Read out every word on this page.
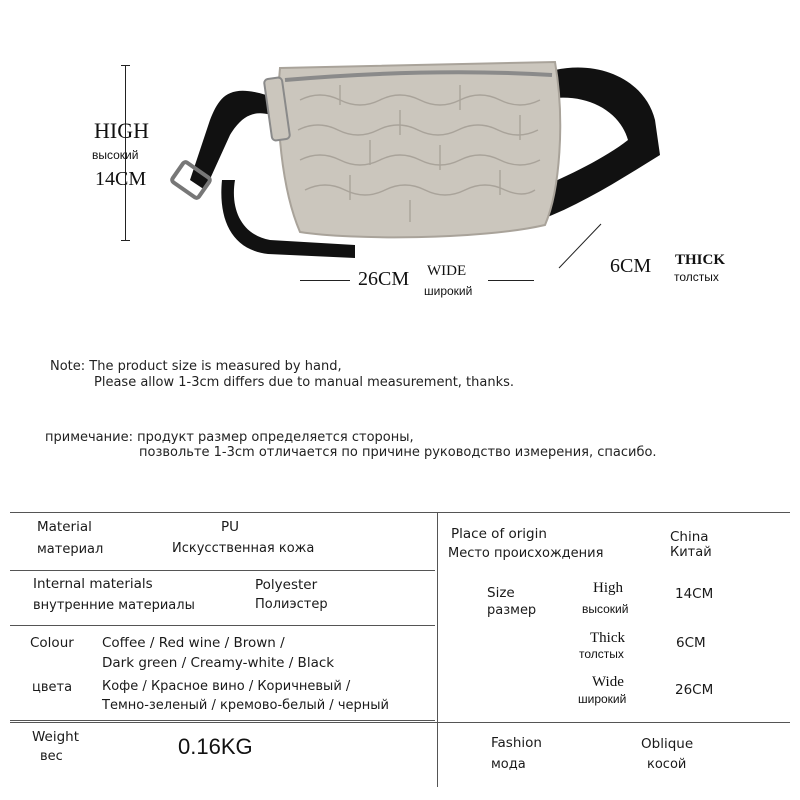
HIGH
высокий
14CM
26CM WIDE
широкий
6CM THICK
толстых
Note: The product size is measured by hand,
Please allow 1-3cm differs due to manual measurement, thanks.
примечание: продукт размер определяется стороны,
позвольте 1-3cm отличается по причине руководство измерения, спасибо.
Material
материал
PU
Искусственная кожа
Internal materials
внутренние материалы
Polyester
Полиэстер
Colour
цвета
Coffee / Red wine / Brown /
Dark green / Creamy-white / Black
Кофе / Красное вино / Коричневый /
Темно-зеленый / кремово-белый / черный
Weight
вес	0.16KG
Place of origin
Место происхождения
China
Китай
Size
размер
High
высокий
14CM
Thick
толстых
6CM
Wide
широкий
26CM
Fashion
мода
Oblique
косой
